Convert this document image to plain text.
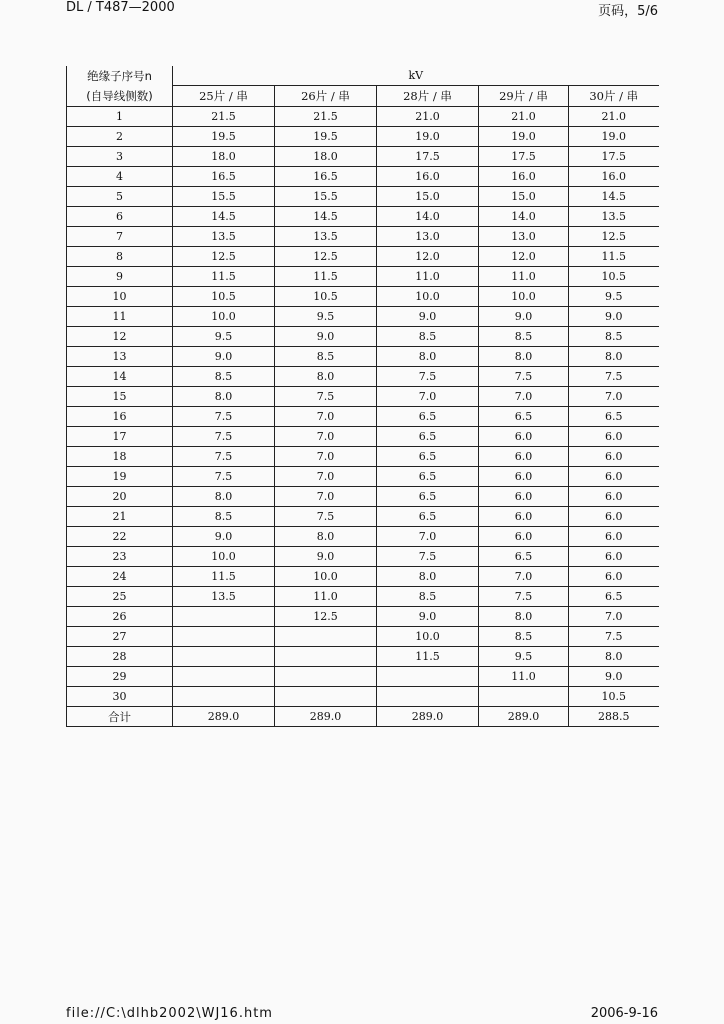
DL / T487—2000	页码，5/6
绝缘子序号n
(自导线侧数)	kV				
	25片 / 串	26片 / 串	28片 / 串	29片 / 串	30片 / 串
1	21.5	21.5	21.0	21.0	21.0
2	19.5	19.5	19.0	19.0	19.0
3	18.0	18.0	17.5	17.5	17.5
4	16.5	16.5	16.0	16.0	16.0
5	15.5	15.5	15.0	15.0	14.5
6	14.5	14.5	14.0	14.0	13.5
7	13.5	13.5	13.0	13.0	12.5
8	12.5	12.5	12.0	12.0	11.5
9	11.5	11.5	11.0	11.0	10.5
10	10.5	10.5	10.0	10.0	9.5
11	10.0	9.5	9.0	9.0	9.0
12	9.5	9.0	8.5	8.5	8.5
13	9.0	8.5	8.0	8.0	8.0
14	8.5	8.0	7.5	7.5	7.5
15	8.0	7.5	7.0	7.0	7.0
16	7.5	7.0	6.5	6.5	6.5
17	7.5	7.0	6.5	6.0	6.0
18	7.5	7.0	6.5	6.0	6.0
19	7.5	7.0	6.5	6.0	6.0
20	8.0	7.0	6.5	6.0	6.0
21	8.5	7.5	6.5	6.0	6.0
22	9.0	8.0	7.0	6.0	6.0
23	10.0	9.0	7.5	6.5	6.0
24	11.5	10.0	8.0	7.0	6.0
25	13.5	11.0	8.5	7.5	6.5
26		12.5	9.0	8.0	7.0
27			10.0	8.5	7.5
28			11.5	9.5	8.0
29				11.0	9.0
30					10.5
合计	289.0	289.0	289.0	289.0	288.5
file://C:\dlhb2002\WJ16.htm	2006-9-16
